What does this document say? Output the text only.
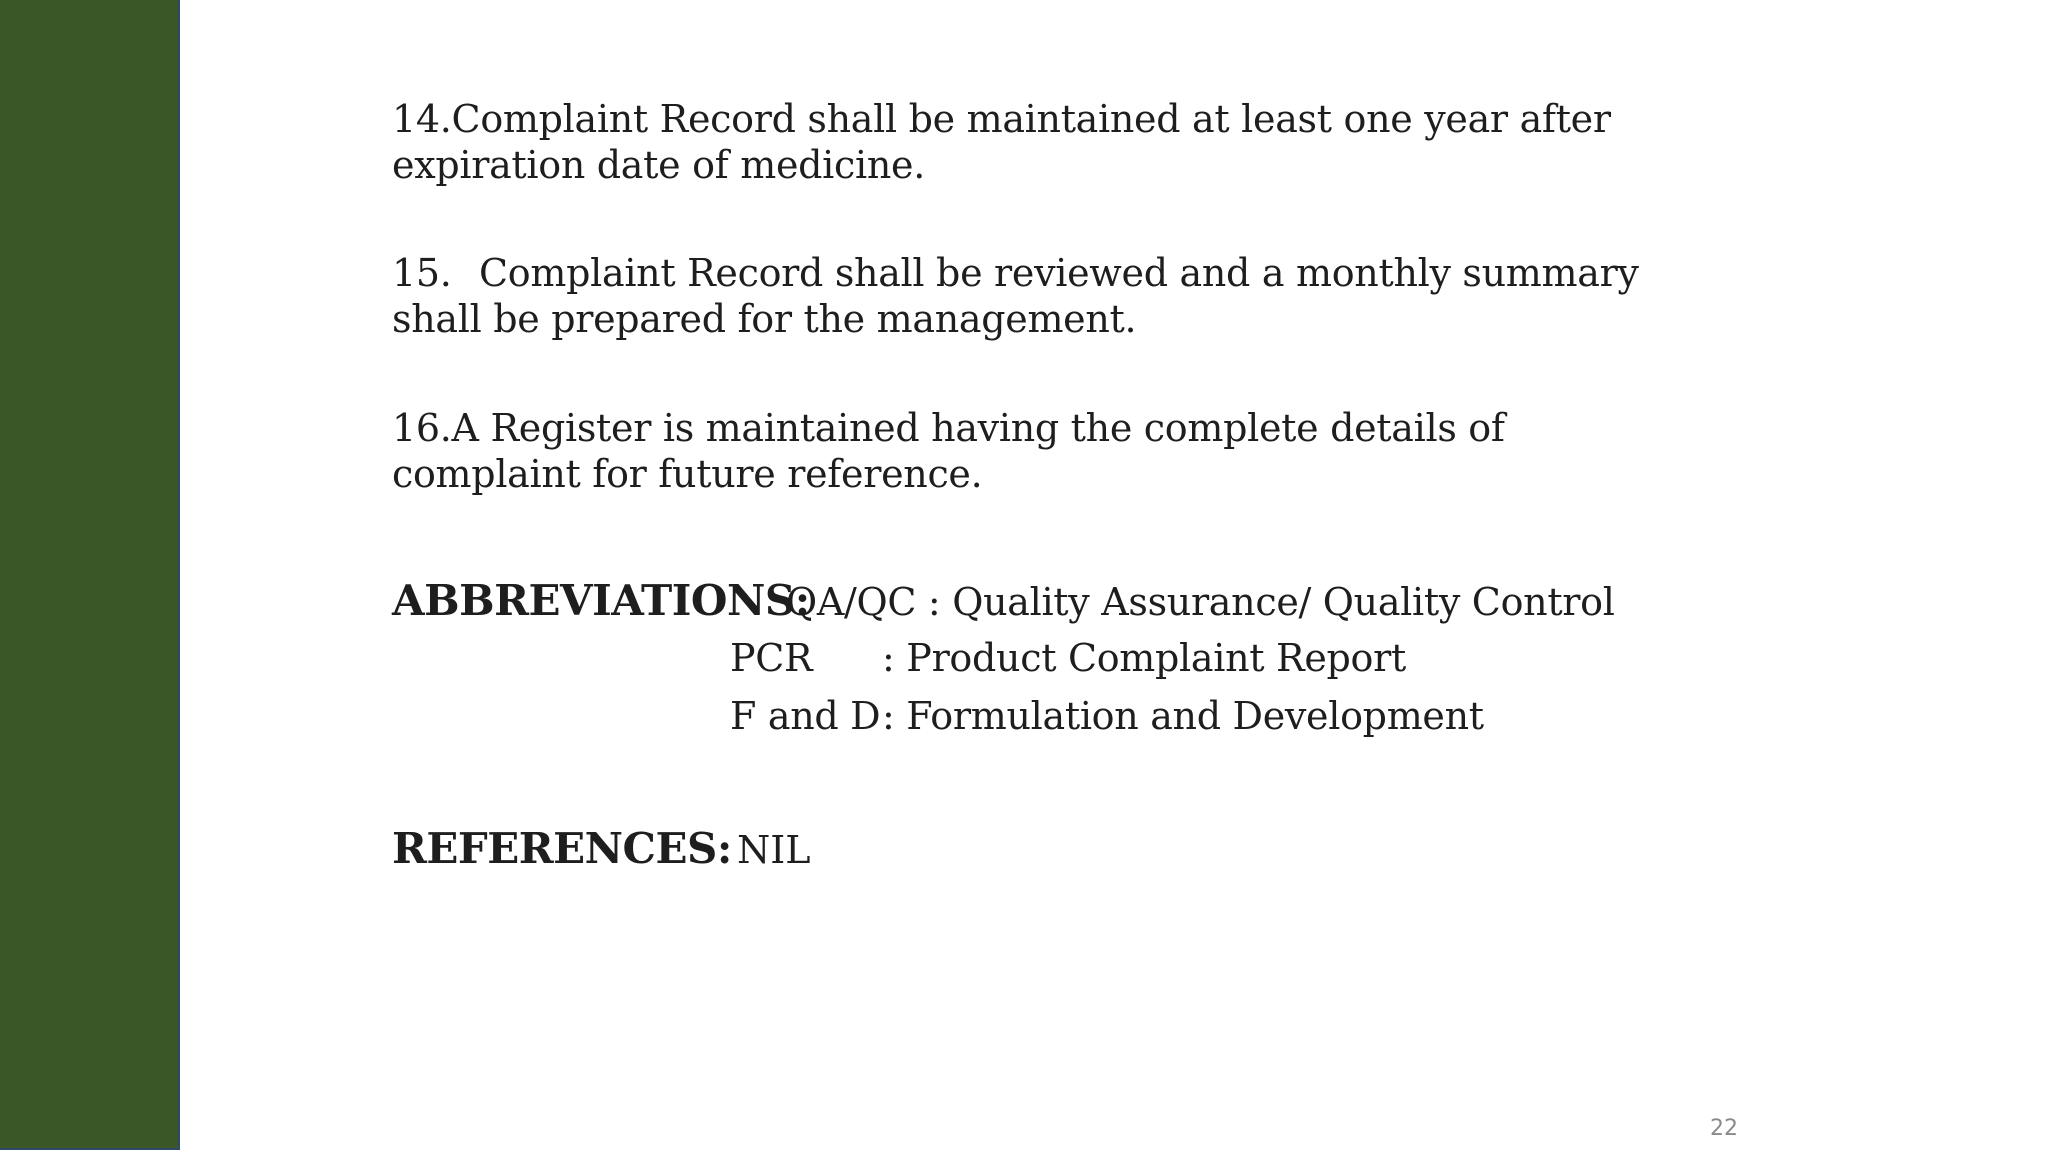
14.Complaint Record shall be maintained at least one year after expiration date of medicine.

15. Complaint Record shall be reviewed and a monthly summary shall be prepared for the management.

16.A Register is maintained having the complete details of complaint for future reference.

ABBREVIATIONS:
QA/QC : Quality Assurance/ Quality Control
PCR : Product Complaint Report
F and D: Formulation and Development
REFERENCES: NIL
22
